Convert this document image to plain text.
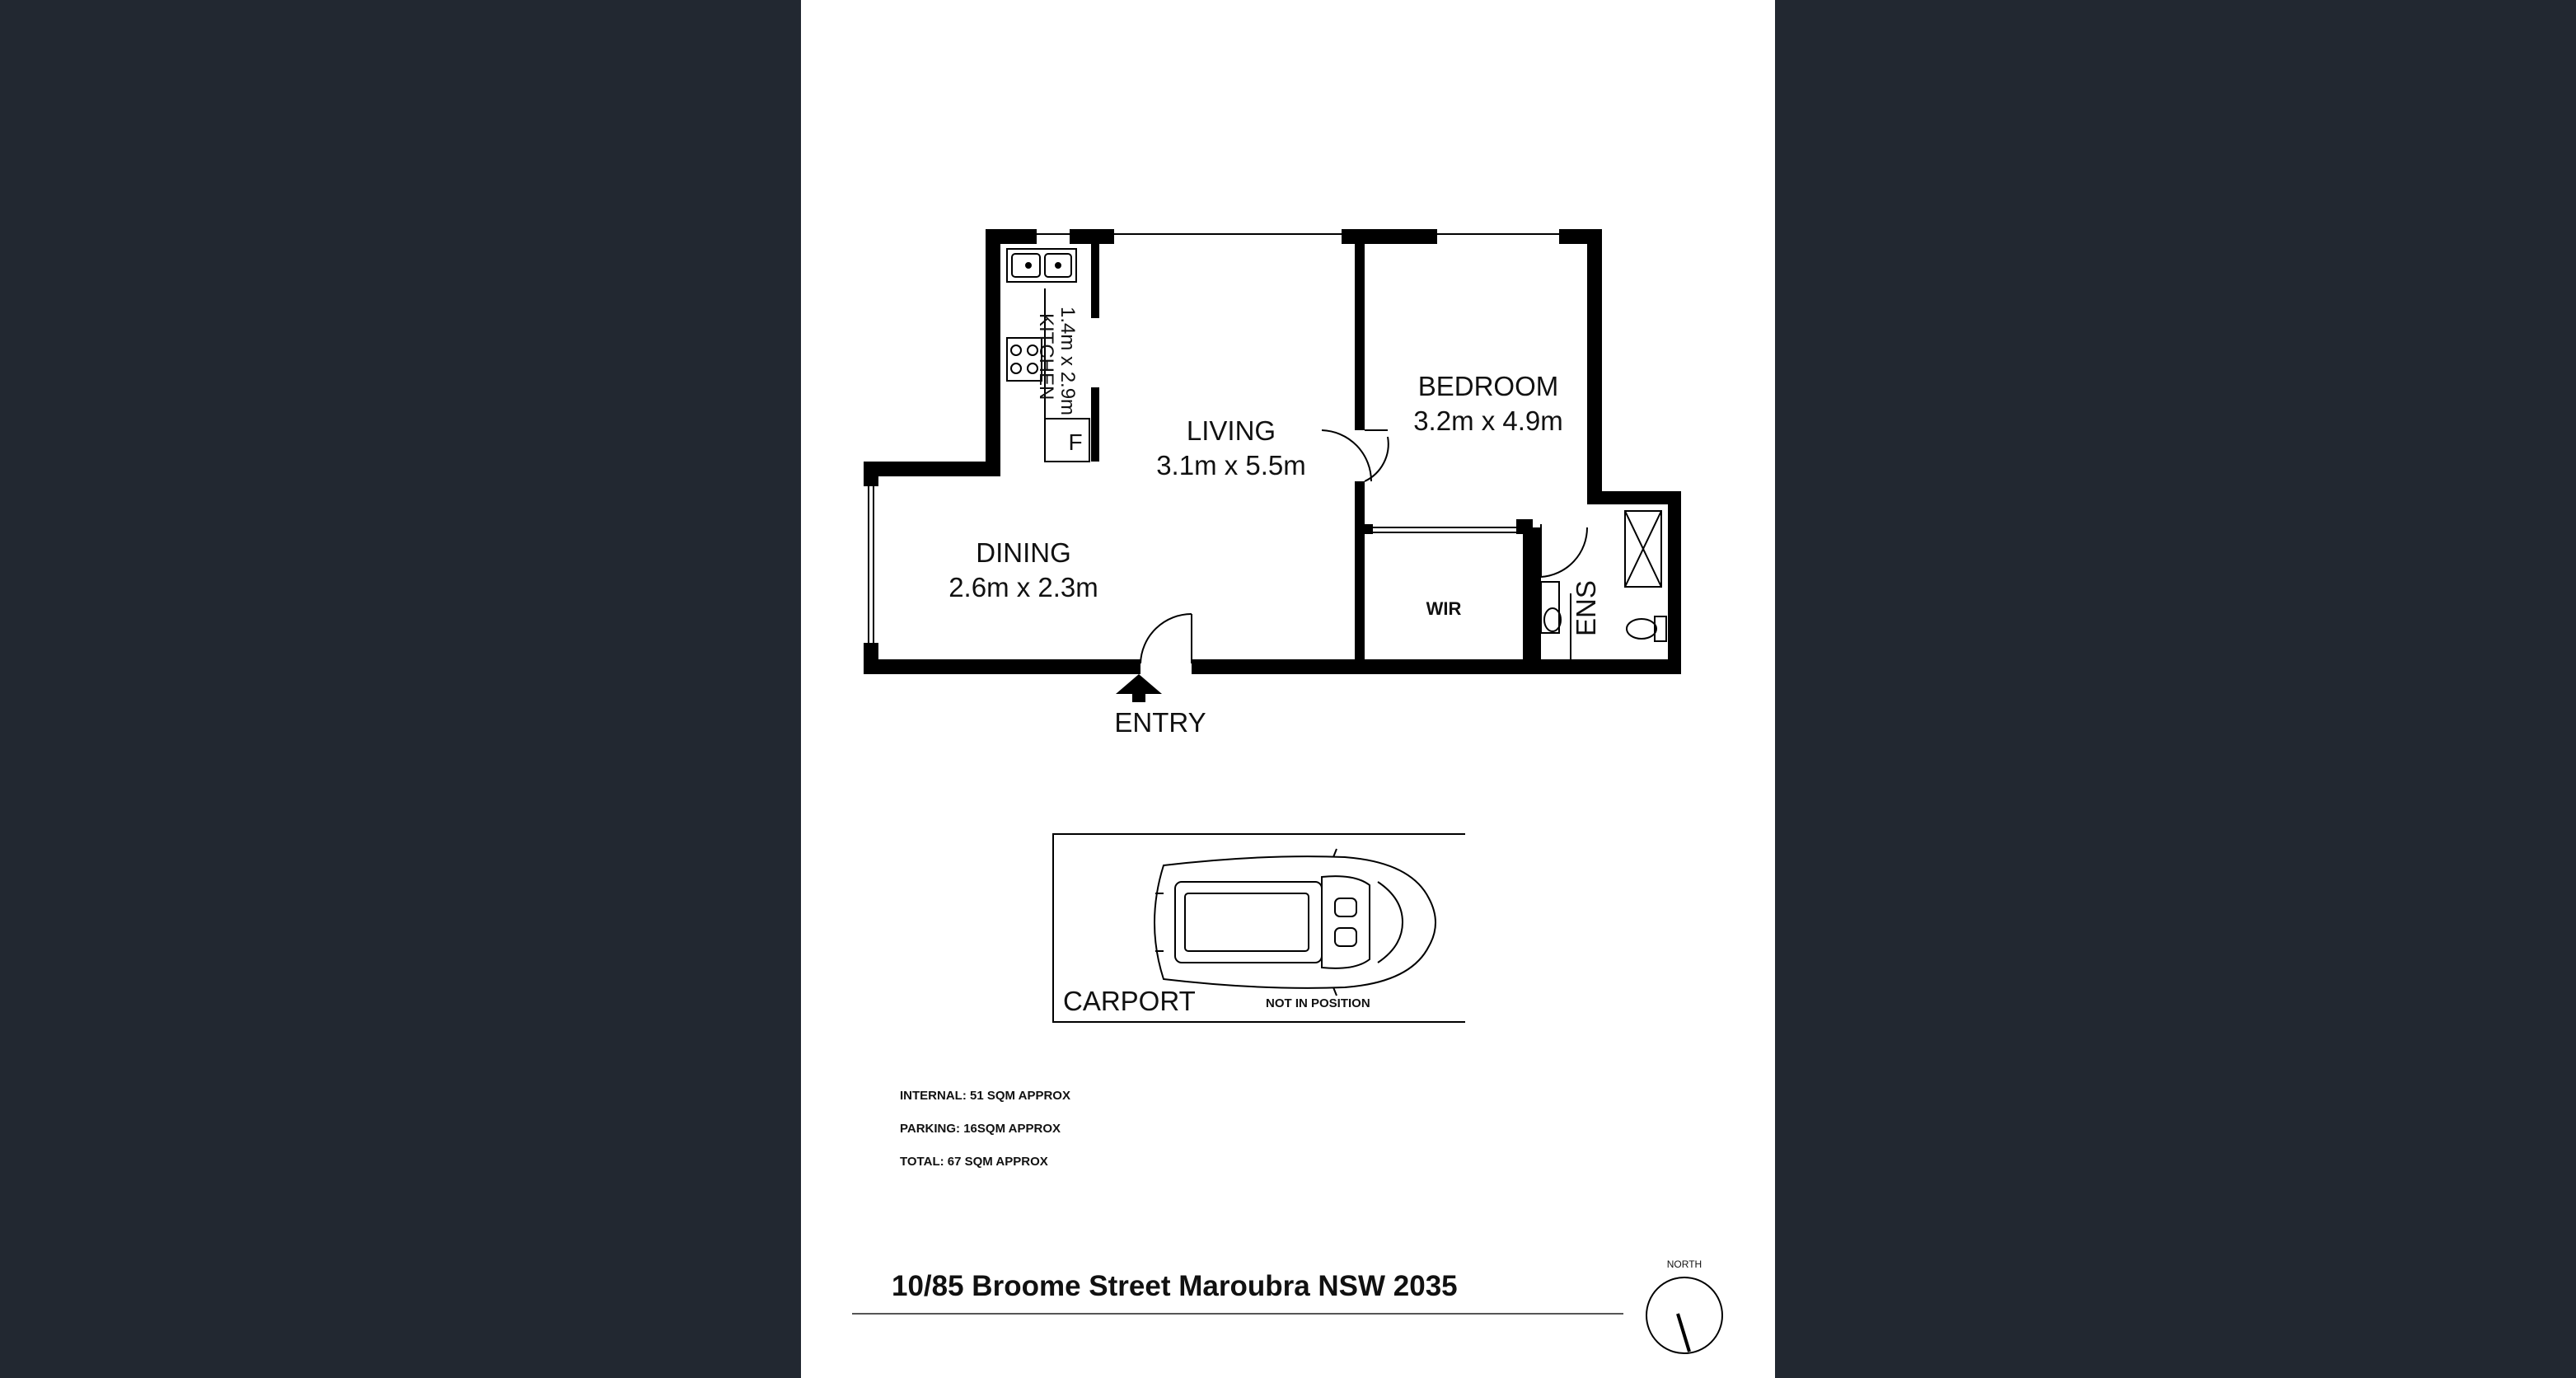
KITCHEN 1.4m x 2.9m
LIVING
3.1m x 5.5m
BEDROOM
3.2m x 4.9m
DINING
2.6m x 2.3m
WIR	ENS
F
ENTRY
CARPORT	NOT IN POSITION
INTERNAL: 51 SQM APPROX
PARKING: 16SQM APPROX
TOTAL: 67 SQM APPROX
10/85 Broome Street Maroubra NSW 2035
NORTH
